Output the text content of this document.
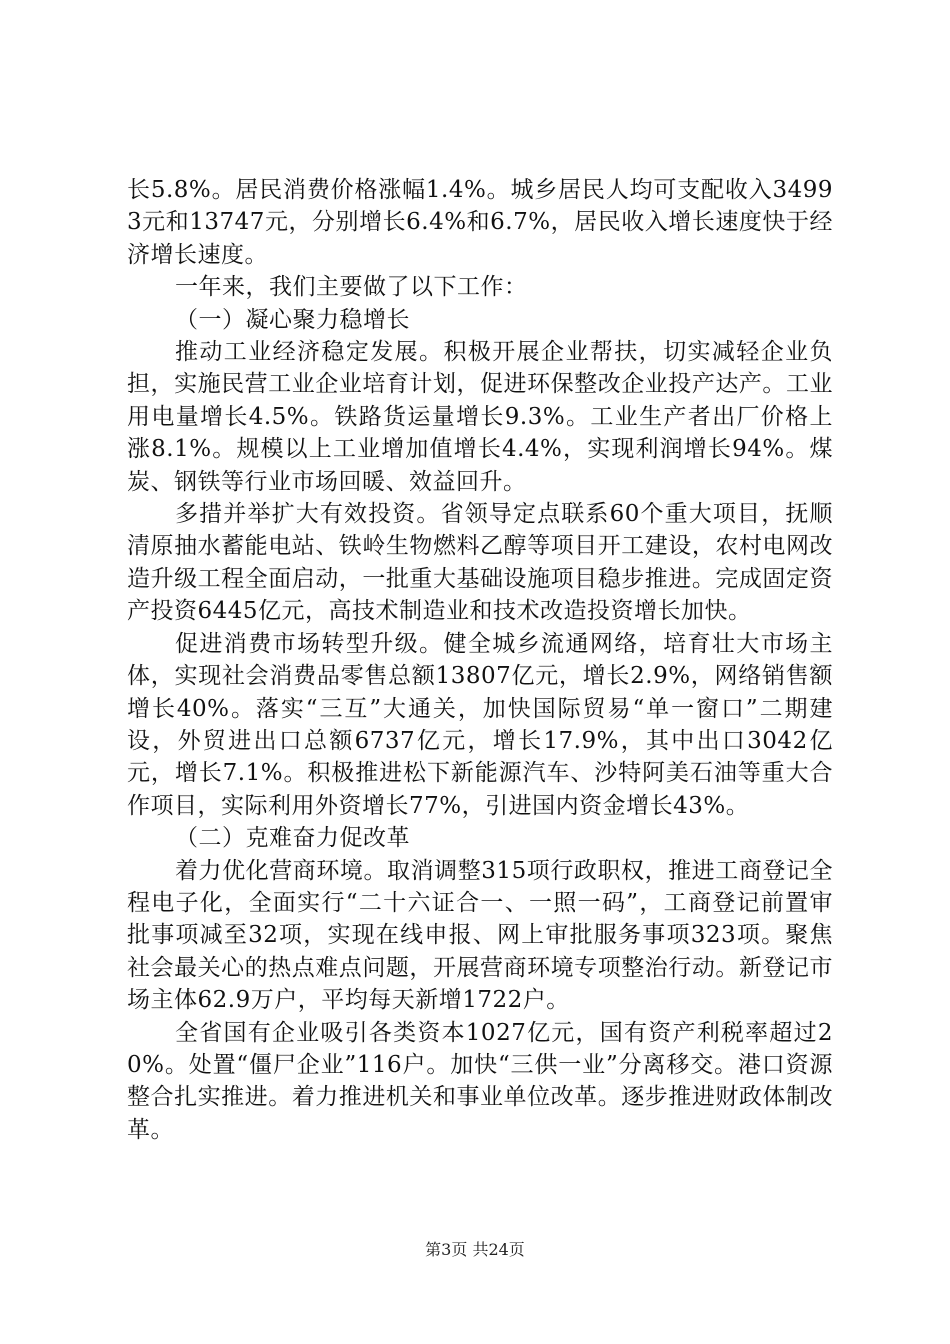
长5.8%。居民消费价格涨幅1.4%。城乡居民人均可支配收入34993元和13747元，分别增长6.4%和6.7%，居民收入增长速度快于经济增长速度。

一年来，我们主要做了以下工作：

（一）凝心聚力稳增长

推动工业经济稳定发展。积极开展企业帮扶，切实减轻企业负担，实施民营工业企业培育计划，促进环保整改企业投产达产。工业用电量增长4.5%。铁路货运量增长9.3%。工业生产者出厂价格上涨8.1%。规模以上工业增加值增长4.4%，实现利润增长94%。煤炭、钢铁等行业市场回暖、效益回升。

多措并举扩大有效投资。省领导定点联系60个重大项目，抚顺清原抽水蓄能电站、铁岭生物燃料乙醇等项目开工建设，农村电网改造升级工程全面启动，一批重大基础设施项目稳步推进。完成固定资产投资6445亿元，高技术制造业和技术改造投资增长加快。

促进消费市场转型升级。健全城乡流通网络，培育壮大市场主体，实现社会消费品零售总额13807亿元，增长2.9%，网络销售额增长40%。落实“三互”大通关，加快国际贸易“单一窗口”二期建设，外贸进出口总额6737亿元，增长17.9%，其中出口3042亿元，增长7.1%。积极推进松下新能源汽车、沙特阿美石油等重大合作项目，实际利用外资增长77%，引进国内资金增长43%。

（二）克难奋力促改革

着力优化营商环境。取消调整315项行政职权，推进工商登记全程电子化，全面实行“二十六证合一、一照一码”，工商登记前置审批事项减至32项，实现在线申报、网上审批服务事项323项。聚焦社会最关心的热点难点问题，开展营商环境专项整治行动。新登记市场主体62.9万户，平均每天新增1722户。

全省国有企业吸引各类资本1027亿元，国有资产利税率超过20%。处置“僵尸企业”116户。加快“三供一业”分离移交。港口资源整合扎实推进。着力推进机关和事业单位改革。逐步推进财政体制改革。

第3页 共24页
